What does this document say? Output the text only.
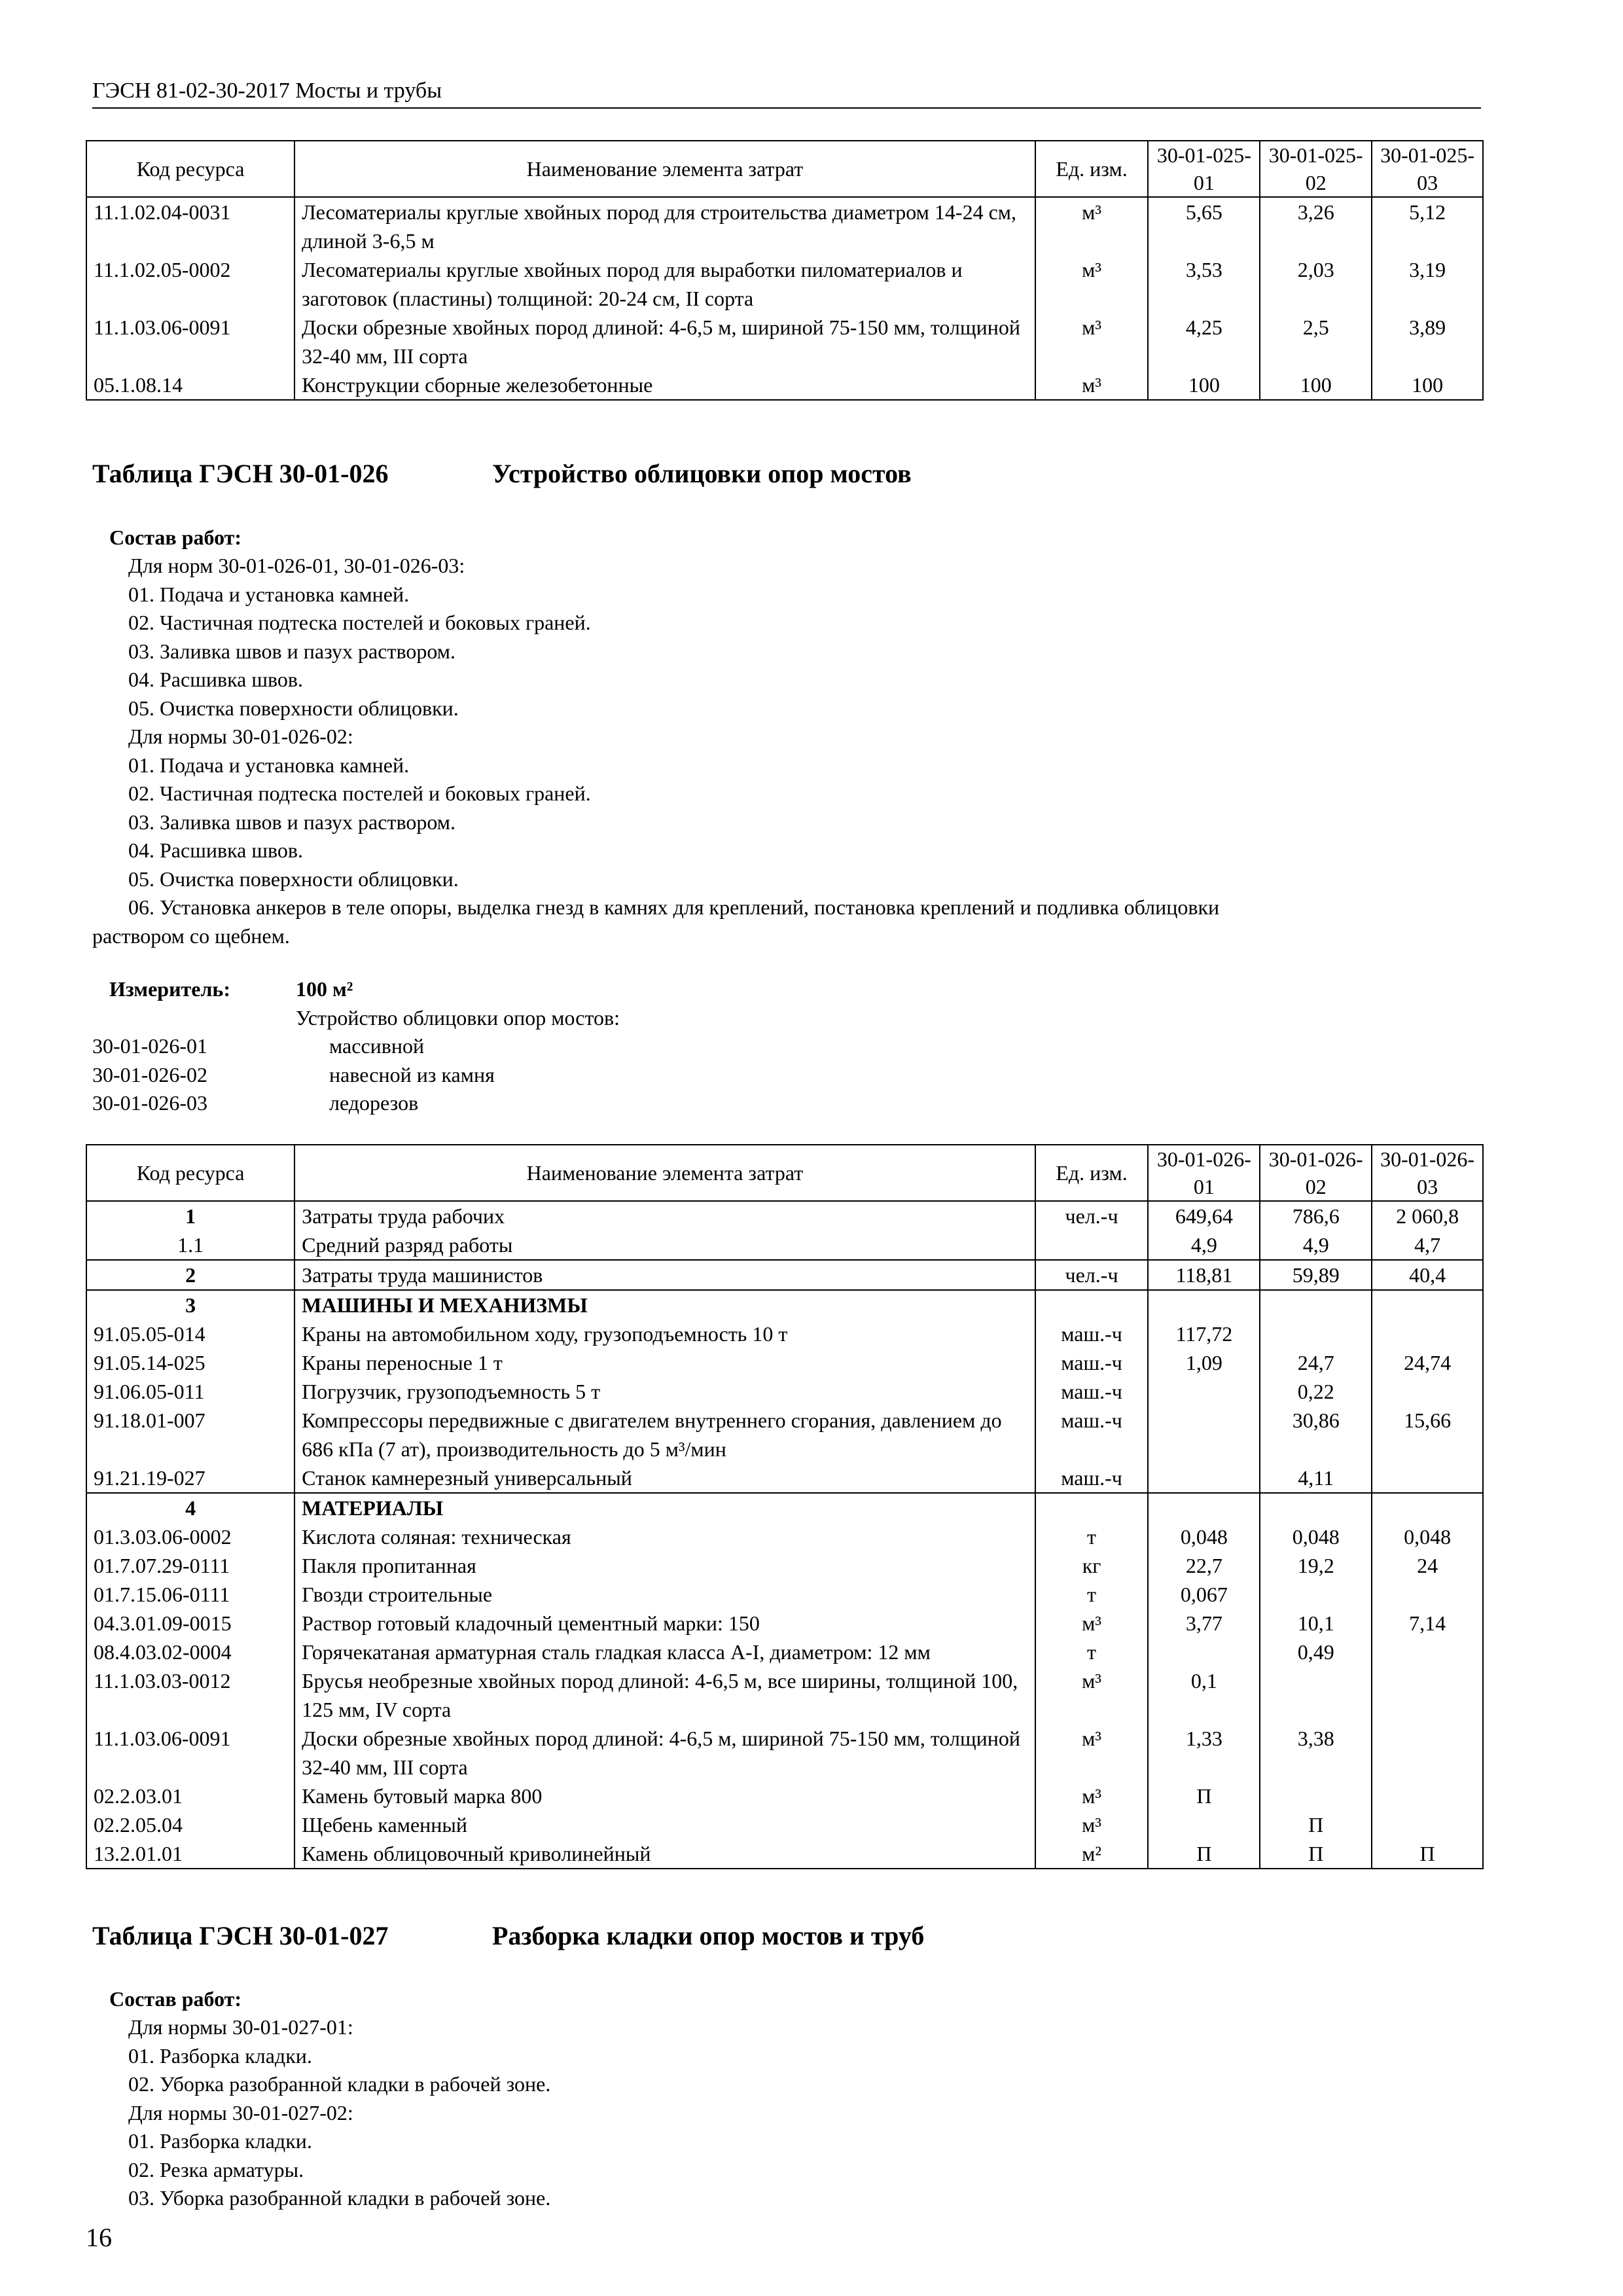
ГЭСН 81-02-30-2017 Мосты и трубы
Код ресурса	Наименование элемента затрат	Ед. изм.	30-01-025-01	30-01-025-02	30-01-025-03
11.1.02.04-0031	Лесоматериалы круглые хвойных пород для строительства диаметром 14-24 см, длиной 3-6,5 м	м³	5,65	3,26	5,12
11.1.02.05-0002	Лесоматериалы круглые хвойных пород для выработки пиломатериалов и заготовок (пластины) толщиной: 20-24 см, II сорта	м³	3,53	2,03	3,19
11.1.03.06-0091	Доски обрезные хвойных пород длиной: 4-6,5 м, шириной 75-150 мм, толщиной 32-40 мм, III сорта	м³	4,25	2,5	3,89
05.1.08.14	Конструкции сборные железобетонные	м³	100	100	100
Таблица ГЭСН 30-01-026	Устройство облицовки опор мостов
Состав работ:
Для норм 30-01-026-01, 30-01-026-03:
01. Подача и установка камней.
02. Частичная подтеска постелей и боковых граней.
03. Заливка швов и пазух раствором.
04. Расшивка швов.
05. Очистка поверхности облицовки.
Для нормы 30-01-026-02:
01. Подача и установка камней.
02. Частичная подтеска постелей и боковых граней.
03. Заливка швов и пазух раствором.
04. Расшивка швов.
05. Очистка поверхности облицовки.
06. Установка анкеров в теле опоры, выделка гнезд в камнях для креплений, постановка креплений и подливка облицовки
раствором со щебнем.
Измеритель:	100 м²
Устройство облицовки опор мостов:
30-01-026-01	массивной
30-01-026-02	навесной из камня
30-01-026-03	ледорезов
Код ресурса	Наименование элемента затрат	Ед. изм.	30-01-026-01	30-01-026-02	30-01-026-03
1	Затраты труда рабочих	чел.-ч	649,64	786,6	2 060,8
1.1	Средний разряд работы		4,9	4,9	4,7
2	Затраты труда машинистов	чел.-ч	118,81	59,89	40,4
3	МАШИНЫ И МЕХАНИЗМЫ				
91.05.05-014	Краны на автомобильном ходу, грузоподъемность 10 т	маш.-ч	117,72		
91.05.14-025	Краны переносные 1 т	маш.-ч	1,09	24,7	24,74
91.06.05-011	Погрузчик, грузоподъемность 5 т	маш.-ч		0,22	
91.18.01-007	Компрессоры передвижные с двигателем внутреннего сгорания, давлением до 686 кПа (7 ат), производительность до 5 м³/мин	маш.-ч		30,86	15,66
91.21.19-027	Станок камнерезный универсальный	маш.-ч		4,11	
4	МАТЕРИАЛЫ				
01.3.03.06-0002	Кислота соляная: техническая	т	0,048	0,048	0,048
01.7.07.29-0111	Пакля пропитанная	кг	22,7	19,2	24
01.7.15.06-0111	Гвозди строительные	т	0,067		
04.3.01.09-0015	Раствор готовый кладочный цементный марки: 150	м³	3,77	10,1	7,14
08.4.03.02-0004	Горячекатаная арматурная сталь гладкая класса А-I, диаметром: 12 мм	т		0,49	
11.1.03.03-0012	Брусья необрезные хвойных пород длиной: 4-6,5 м, все ширины, толщиной 100, 125 мм, IV сорта	м³	0,1		
11.1.03.06-0091	Доски обрезные хвойных пород длиной: 4-6,5 м, шириной 75-150 мм, толщиной 32-40 мм, III сорта	м³	1,33	3,38	
02.2.03.01	Камень бутовый марка 800	м³	П		
02.2.05.04	Щебень каменный	м³		П	
13.2.01.01	Камень облицовочный криволинейный	м²	П	П	П
Таблица ГЭСН 30-01-027	Разборка кладки опор мостов и труб
Состав работ:
Для нормы 30-01-027-01:
01. Разборка кладки.
02. Уборка разобранной кладки в рабочей зоне.
Для нормы 30-01-027-02:
01. Разборка кладки.
02. Резка арматуры.
03. Уборка разобранной кладки в рабочей зоне.
16
